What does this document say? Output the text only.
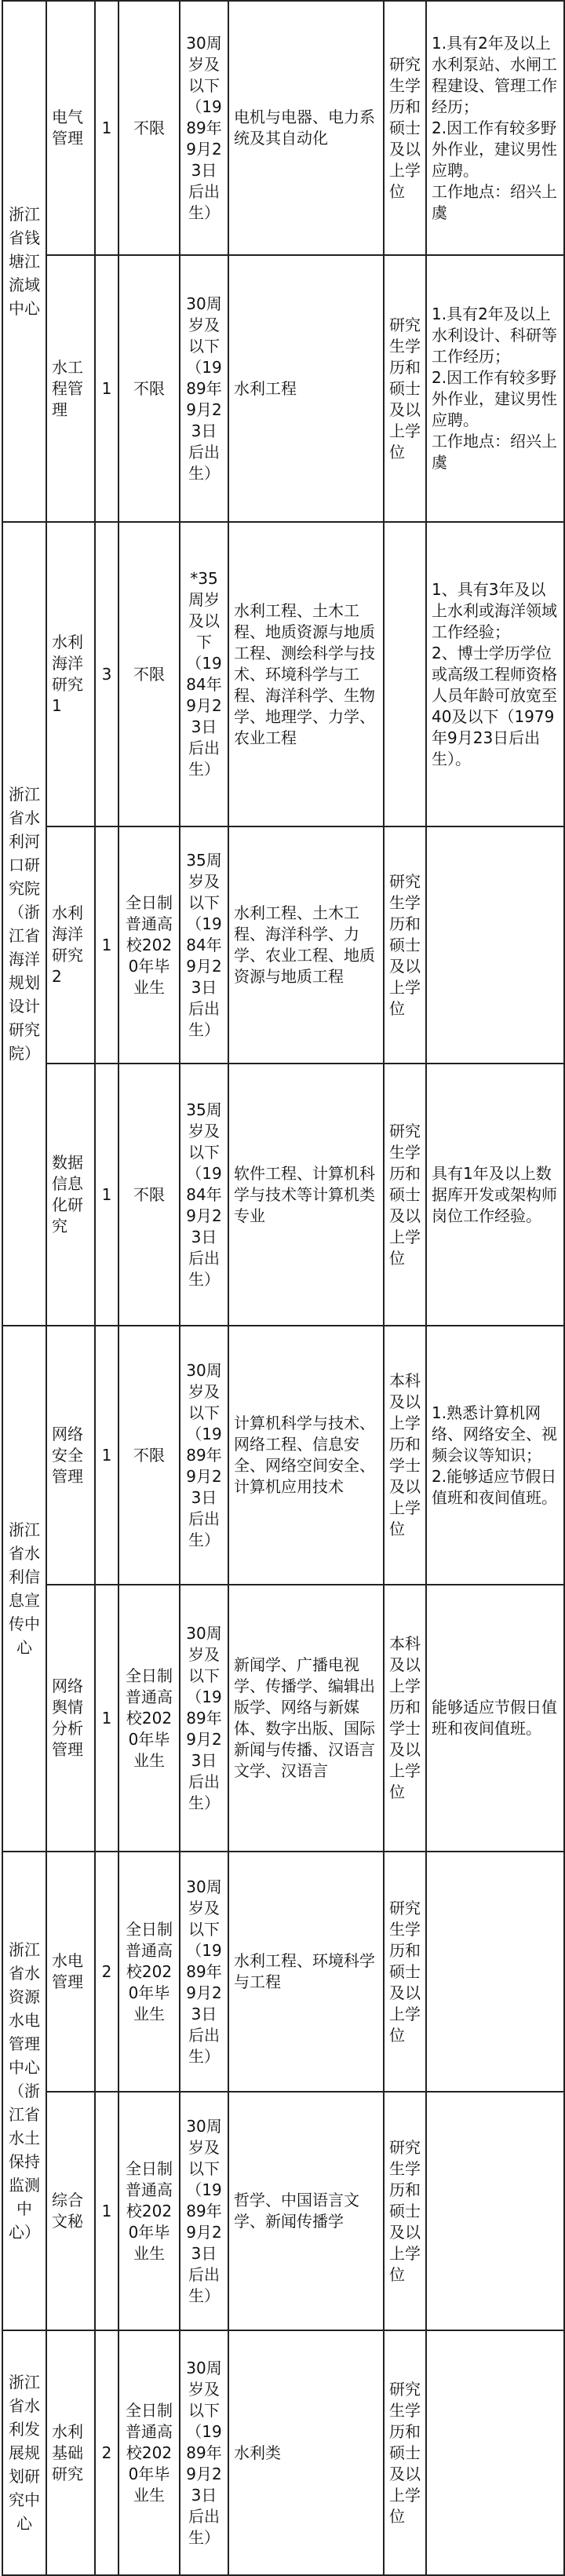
浙江省钱塘江流域中心	电气管理	1	不限	30周岁及以下（1989年9月23日后出生）	电机与电器、电力系统及其自动化	研究生学历和硕士及以上学位	1.具有2年及以上水利泵站、水闸工程建设、管理工作经历；
2.因工作有较多野外作业，建议男性应聘。
工作地点：绍兴上虞
	水工程管理	1	不限	30周岁及以下（1989年9月23日后出生）	水利工程	研究生学历和硕士及以上学位	1.具有2年及以上水利设计、科研等工作经历；
2.因工作有较多野外作业，建议男性应聘。
工作地点：绍兴上虞
浙江省水利河口研究院（浙江省海洋规划设计研究院）	水利海洋研究1	3	不限	*35周岁及以下（1984年9月23日后出生）	水利工程、土木工程、地质资源与地质工程、测绘科学与技术、环境科学与工程、海洋科学、生物学、地理学、力学、农业工程		1、具有3年及以上水利或海洋领域工作经验；
2、博士学历学位或高级工程师资格人员年龄可放宽至40及以下（1979年9月23日后出生）。
	水利海洋研究2	1	全日制普通高校2020年毕业生	35周岁及以下（1984年9月23日后出生）	水利工程、土木工程、海洋科学、力学、农业工程、地质资源与地质工程	研究生学历和硕士及以上学位	
	数据信息化研究	1	不限	35周岁及以下（1984年9月23日后出生）	软件工程、计算机科学与技术等计算机类专业	研究生学历和硕士及以上学位	具有1年及以上数据库开发或架构师岗位工作经验。
浙江省水利信息宣传中心	网络安全管理	1	不限	30周岁及以下（1989年9月23日后出生）	计算机科学与技术、网络工程、信息安全、网络空间安全、计算机应用技术	本科及以上学历和学士及以上学位	1.熟悉计算机网络、网络安全、视频会议等知识；
2.能够适应节假日值班和夜间值班。
	网络舆情分析管理	1	全日制普通高校2020年毕业生	30周岁及以下（1989年9月23日后出生）	新闻学、广播电视学、传播学、编辑出版学、网络与新媒体、数字出版、国际新闻与传播、汉语言文学、汉语言	本科及以上学历和学士及以上学位	能够适应节假日值班和夜间值班。
浙江省水资源水电管理中心（浙江省水土保持监测中心）	水电管理	2	全日制普通高校2020年毕业生	30周岁及以下（1989年9月23日后出生）	水利工程、环境科学与工程	研究生学历和硕士及以上学位	
	综合文秘	1	全日制普通高校2020年毕业生	30周岁及以下（1989年9月23日后出生）	哲学、中国语言文学、新闻传播学	研究生学历和硕士及以上学位	
浙江省水利发展规划研究中心	水利基础研究	2	全日制普通高校2020年毕业生	30周岁及以下（1989年9月23日后出生）	水利类	研究生学历和硕士及以上学位	
